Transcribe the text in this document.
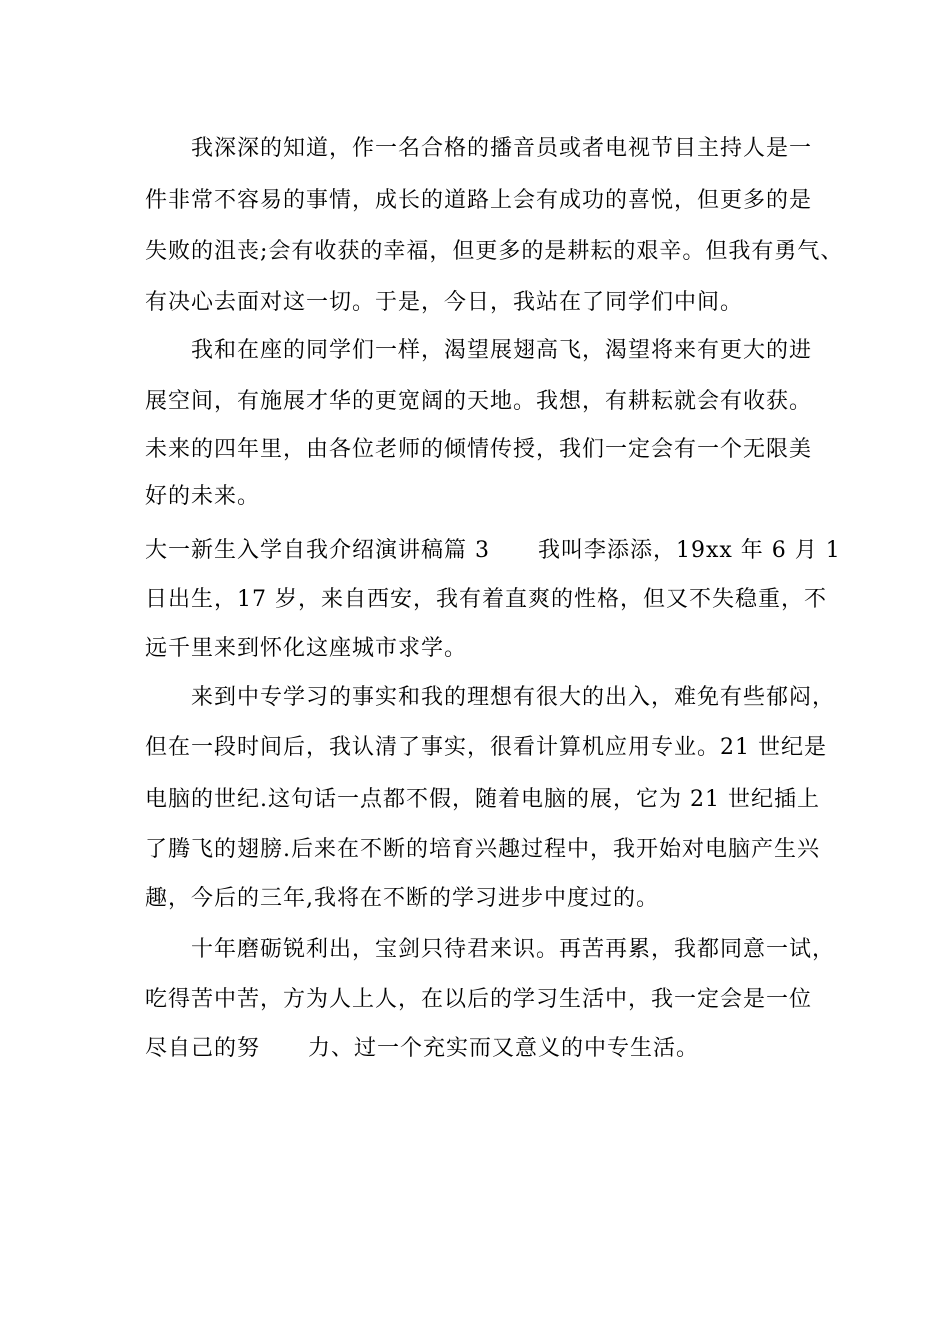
我深深的知道，作一名合格的播音员或者电视节目主持人是一
件非常不容易的事情，成长的道路上会有成功的喜悦，但更多的是
失败的沮丧;会有收获的幸福，但更多的是耕耘的艰辛。但我有勇气、
有决心去面对这一切。于是，今日，我站在了同学们中间。
我和在座的同学们一样，渴望展翅高飞，渴望将来有更大的进
展空间，有施展才华的更宽阔的天地。我想，有耕耘就会有收获。
未来的四年里，由各位老师的倾情传授，我们一定会有一个无限美
好的未来。
大一新生入学自我介绍演讲稿篇 3      我叫李添添，19xx 年 6 月 1
日出生，17 岁，来自西安，我有着直爽的性格，但又不失稳重，不
远千里来到怀化这座城市求学。
来到中专学习的事实和我的理想有很大的出入，难免有些郁闷，
但在一段时间后，我认清了事实，很看计算机应用专业。21 世纪是
电脑的世纪.这句话一点都不假，随着电脑的展，它为 21 世纪插上
了腾飞的翅膀.后来在不断的培育兴趣过程中，我开始对电脑产生兴
趣，今后的三年,我将在不断的学习进步中度过的。
十年磨砺锐利出，宝剑只待君来识。再苦再累，我都同意一试，
吃得苦中苦，方为人上人，在以后的学习生活中，我一定会是一位
尽自己的努      力、过一个充实而又意义的中专生活。
